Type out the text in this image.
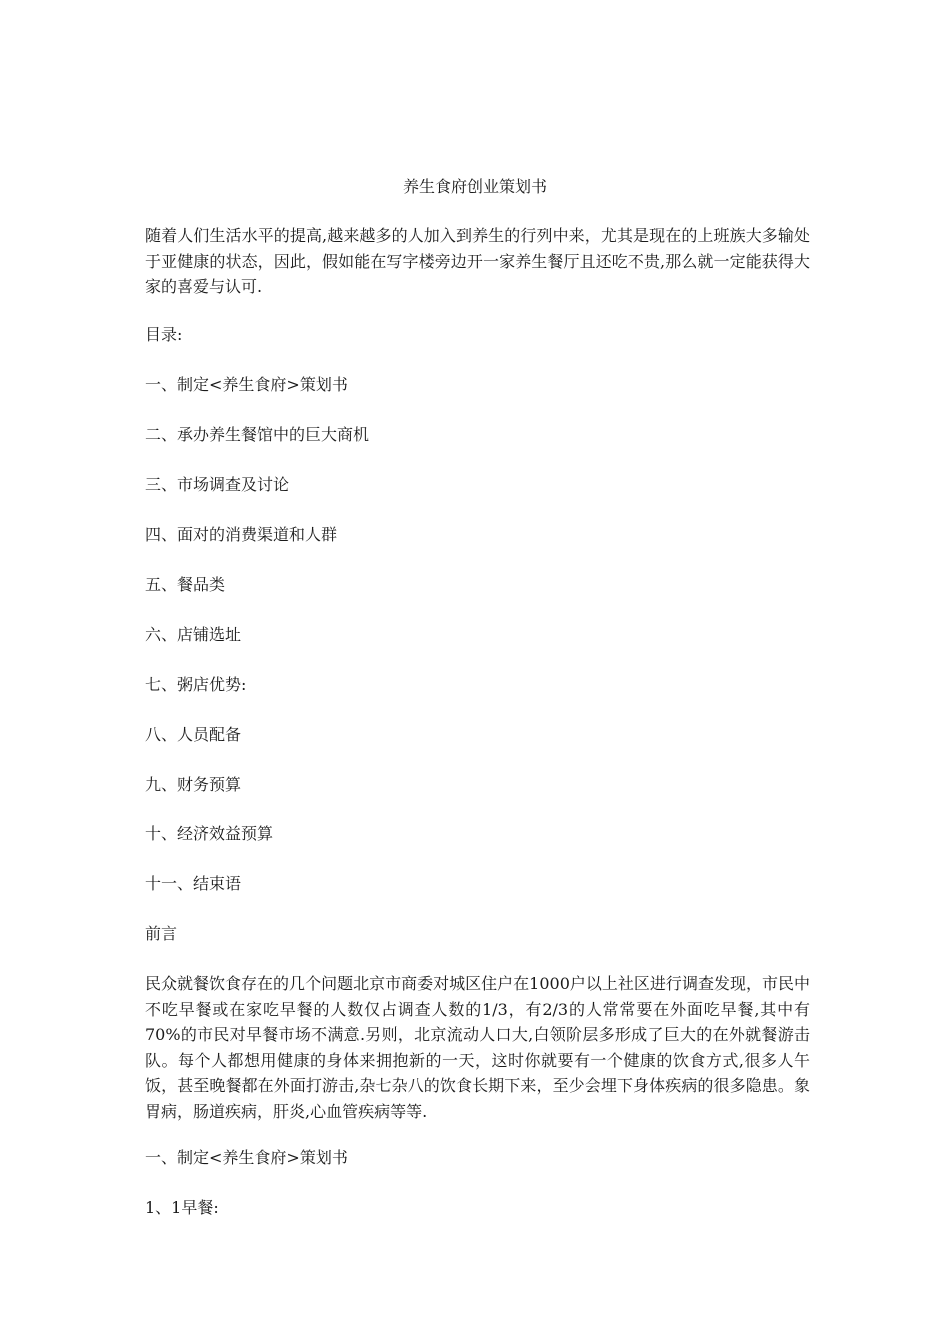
养生食府创业策划书

随着人们生活水平的提高,越来越多的人加入到养生的行列中来，尤其是现在的上班族大多输处于亚健康的状态，因此，假如能在写字楼旁边开一家养生餐厅且还吃不贵,那么就一定能获得大家的喜爱与认可.

目录:
一、制定<养生食府>策划书
二、承办养生餐馆中的巨大商机
三、市场调查及讨论
四、面对的消费渠道和人群
五、餐品类
六、店铺选址
七、粥店优势:
八、人员配备
九、财务预算
十、经济效益预算
十一、结束语
前言

民众就餐饮食存在的几个问题北京市商委对城区住户在1000户以上社区进行调查发现，市民中不吃早餐或在家吃早餐的人数仅占调查人数的1/3，有2/3的人常常要在外面吃早餐,其中有70%的市民对早餐市场不满意.另则，北京流动人口大,白领阶层多形成了巨大的在外就餐游击队。每个人都想用健康的身体来拥抱新的一天，这时你就要有一个健康的饮食方式,很多人午饭，甚至晚餐都在外面打游击,杂七杂八的饮食长期下来，至少会埋下身体疾病的很多隐患。象胃病，肠道疾病，肝炎,心血管疾病等等.

一、制定<养生食府>策划书
1、1早餐:
